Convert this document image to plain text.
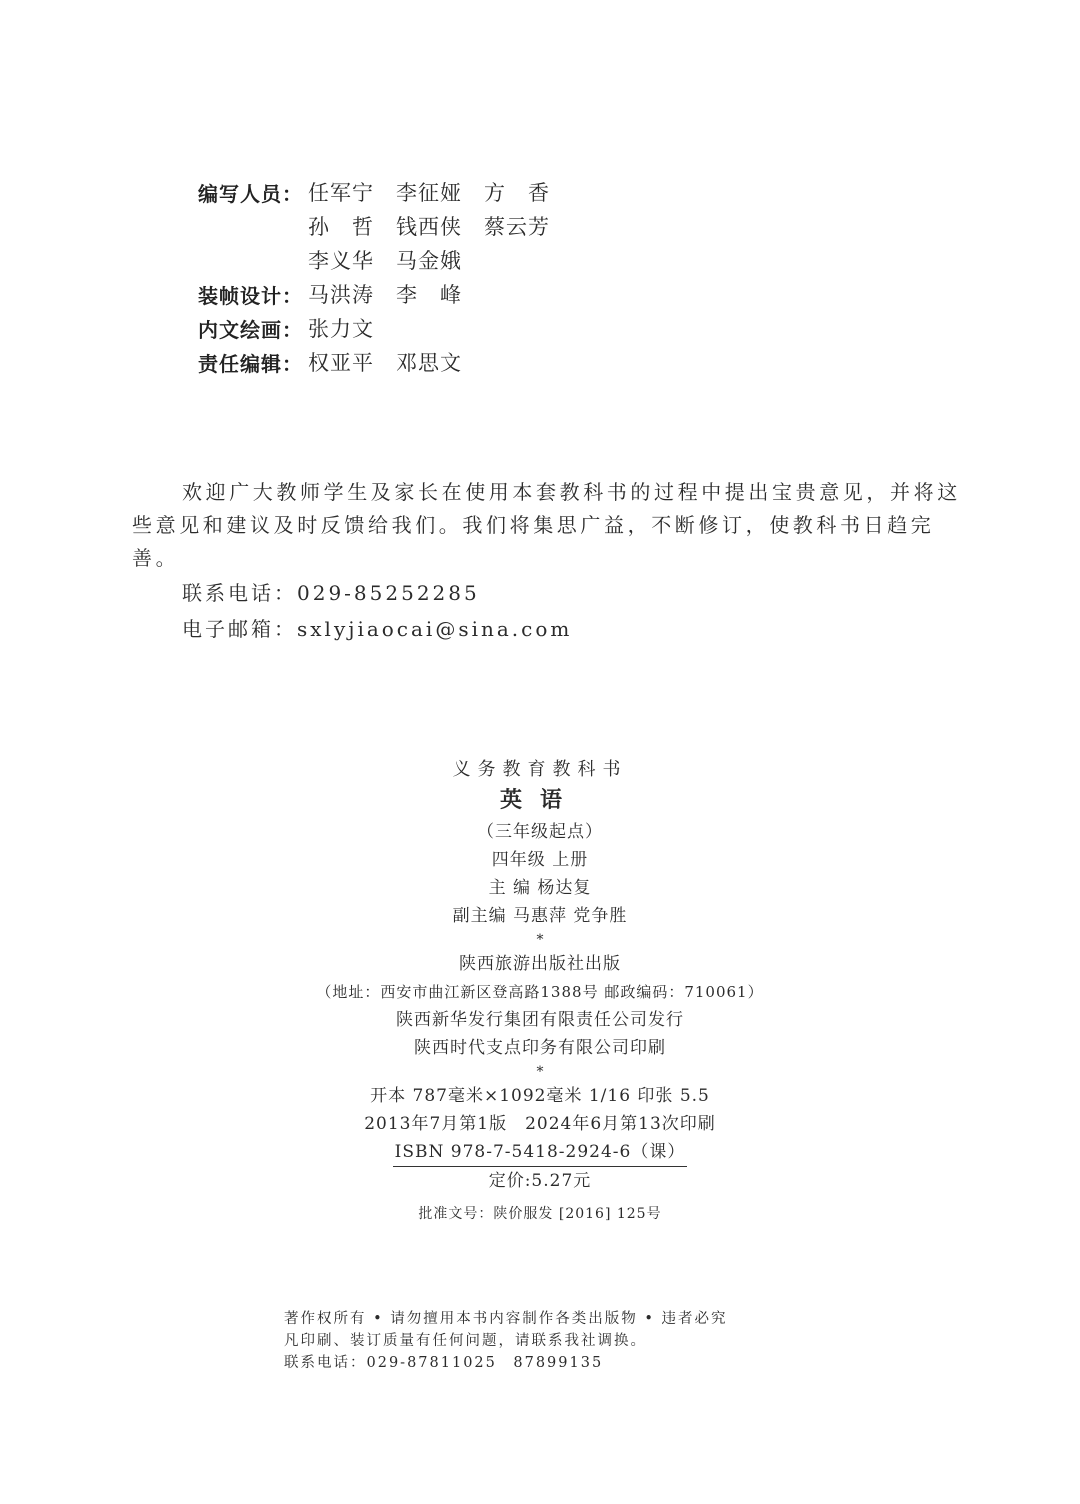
编写人员： 任军宁	李征娅	方　香
孙　哲	钱西侠	蔡云芳
李义华	马金娥
装帧设计： 马洪涛	李　峰
内文绘画： 张力文
责任编辑： 权亚平	邓思文

欢迎广大教师学生及家长在使用本套教科书的过程中提出宝贵意见，并将这些意见和建议及时反馈给我们。我们将集思广益，不断修订，使教科书日趋完善。

联系电话：029-85252285
电子邮箱：sxlyjiaocai@sina.com
义务教育教科书
英语
（三年级起点）
四年级 上册
主 编 杨达复
副主编 马惠萍 党争胜
*
陕西旅游出版社出版
（地址：西安市曲江新区登高路1388号 邮政编码：710061）
陕西新华发行集团有限责任公司发行
陕西时代支点印务有限公司印刷
*
开本 787毫米×1092毫米 1/16 印张 5.5
2013年7月第1版　2024年6月第13次印刷
ISBN 978-7-5418-2924-6（课）
定价:5.27元
批准文号：陕价服发 [2016] 125号
著作权所有 • 请勿擅用本书内容制作各类出版物 • 违者必究
凡印刷、装订质量有任何问题，请联系我社调换。
联系电话：029-87811025　87899135
